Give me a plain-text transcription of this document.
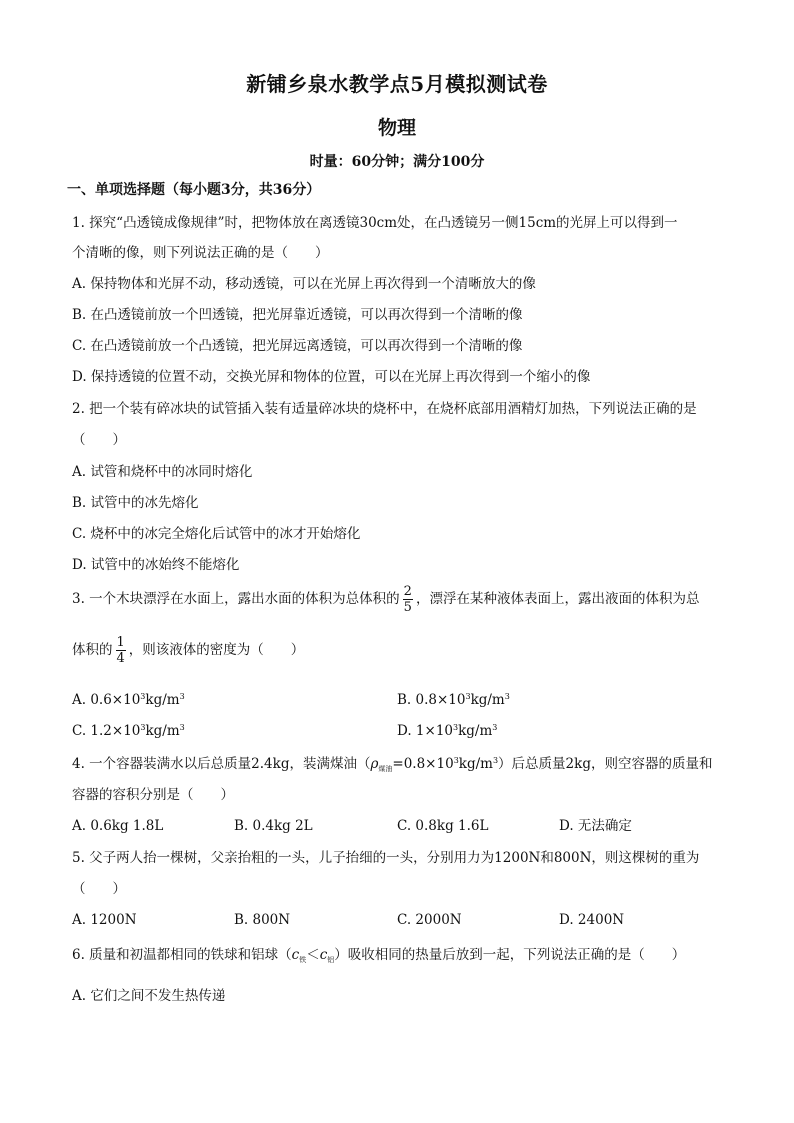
新铺乡泉水教学点5月模拟测试卷
物理
时量：60分钟；满分100分
一、单项选择题（每小题3分，共36分）
1. 探究“凸透镜成像规律”时，把物体放在离透镜30cm处，在凸透镜另一侧15cm的光屏上可以得到一
个清晰的像，则下列说法正确的是（　　）
A. 保持物体和光屏不动，移动透镜，可以在光屏上再次得到一个清晰放大的像
B. 在凸透镜前放一个凹透镜，把光屏靠近透镜，可以再次得到一个清晰的像
C. 在凸透镜前放一个凸透镜，把光屏远离透镜，可以再次得到一个清晰的像
D. 保持透镜的位置不动，交换光屏和物体的位置，可以在光屏上再次得到一个缩小的像
2. 把一个装有碎冰块的试管插入装有适量碎冰块的烧杯中，在烧杯底部用酒精灯加热，下列说法正确的是
（　　）
A. 试管和烧杯中的冰同时熔化
B. 试管中的冰先熔化
C. 烧杯中的冰完全熔化后试管中的冰才开始熔化
D. 试管中的冰始终不能熔化
3. 一个木块漂浮在水面上，露出水面的体积为总体积的 $\frac{2}{5}$ ，漂浮在某种液体表面上，露出液面的体积为总
体积的 $\frac{1}{4}$ ，则该液体的密度为（　　）
A. $0.6\times 10^3kg/m^3$	B. $0.8\times 10^3kg/m^3$
C. $1.2\times 10^3kg/m^3$	D. $1\times 10^3kg/m^3$
4. 一个容器装满水以后总质量2.4kg，装满煤油$(\rho_{煤油}=0.8\times 10^3kg/m^3)$后总质量2kg，则空容器的质量和
容器的容积分别是（　　）
A. 0.6kg 1.8L	B. 0.4kg 2L	C. 0.8kg 1.6L	D. 无法确定
5. 父子两人抬一棵树，父亲抬粗的一头，儿子抬细的一头，分别用力为1200N和800N，则这棵树的重为
（　　）
A. 1200N	B. 800N	C. 2000N	D. 2400N
6. 质量和初温都相同的铁球和铝球$(c_铁<c_铝)$吸收相同的热量后放到一起，下列说法正确的是（　　）
A. 它们之间不发生热传递
